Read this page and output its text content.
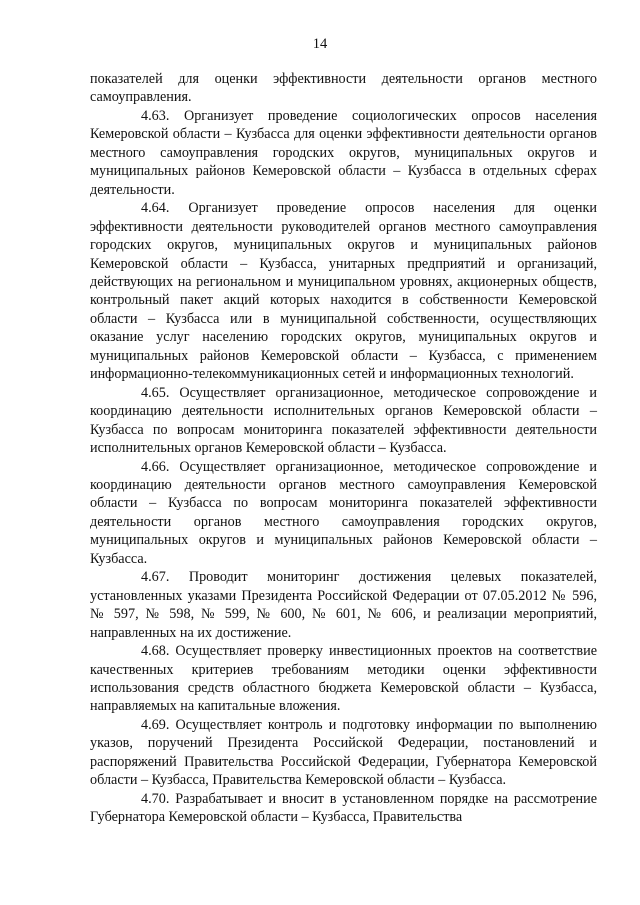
14

показателей для оценки эффективности деятельности органов местного самоуправления.

4.63. Организует проведение социологических опросов населения Кемеровской области – Кузбасса для оценки эффективности деятельности органов местного самоуправления городских округов, муниципальных округов и муниципальных районов Кемеровской области – Кузбасса в отдельных сферах деятельности.

4.64. Организует проведение опросов населения для оценки эффективности деятельности руководителей органов местного самоуправления городских округов, муниципальных округов и муниципальных районов Кемеровской области – Кузбасса, унитарных предприятий и организаций, действующих на региональном и муниципальном уровнях, акционерных обществ, контрольный пакет акций которых находится в собственности Кемеровской области – Кузбасса или в муниципальной собственности, осуществляющих оказание услуг населению городских округов, муниципальных округов и муниципальных районов Кемеровской области – Кузбасса, с применением информационно-телекоммуникационных сетей и информационных технологий.

4.65. Осуществляет организационное, методическое сопровождение и координацию деятельности исполнительных органов Кемеровской области – Кузбасса по вопросам мониторинга показателей эффективности деятельности исполнительных органов Кемеровской области – Кузбасса.

4.66. Осуществляет организационное, методическое сопровождение и координацию деятельности органов местного самоуправления Кемеровской области – Кузбасса по вопросам мониторинга показателей эффективности деятельности органов местного самоуправления городских округов, муниципальных округов и муниципальных районов Кемеровской области – Кузбасса.

4.67. Проводит мониторинг достижения целевых показателей, установленных указами Президента Российской Федерации от 07.05.2012 № 596, № 597, № 598, № 599, № 600, № 601, № 606, и реализации мероприятий, направленных на их достижение.

4.68. Осуществляет проверку инвестиционных проектов на соответствие качественных критериев требованиям методики оценки эффективности использования средств областного бюджета Кемеровской области – Кузбасса, направляемых на капитальные вложения.

4.69. Осуществляет контроль и подготовку информации по выполнению указов, поручений Президента Российской Федерации, постановлений и распоряжений Правительства Российской Федерации, Губернатора Кемеровской области – Кузбасса, Правительства Кемеровской области – Кузбасса.

4.70. Разрабатывает и вносит в установленном порядке на рассмотрение Губернатора Кемеровской области – Кузбасса, Правительства
